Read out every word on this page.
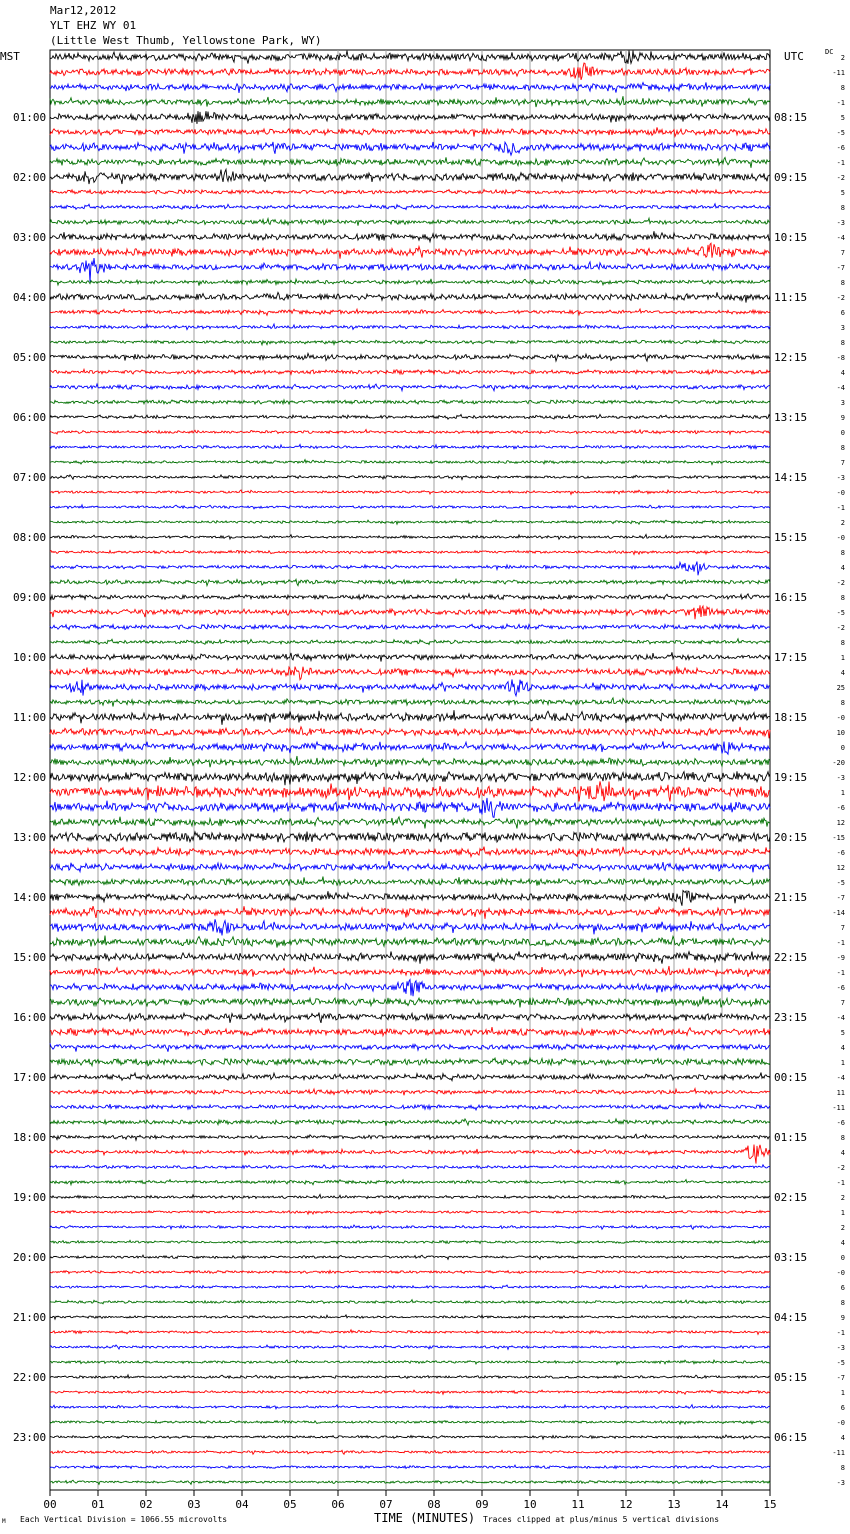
Mar12,2012
YLT EHZ WY 01
(Little West Thumb, Yellowstone Park, WY)
MST	UTC	DC
01:00
02:00
03:00
04:00
05:00
06:00
07:00
08:00
09:00
10:00
11:00
12:00
13:00
14:00
15:00
16:00
17:00
18:00
19:00
20:00
21:00
22:00
23:00
08:15
09:15
10:15
11:15
12:15
13:15
14:15
15:15
16:15
17:15
18:15
19:15
20:15
21:15
22:15
23:15
00:15
01:15
02:15
03:15
04:15
05:15
06:15
2
-11
8
-1
5
-5
-6
-1
-2
5
8
-3
-4
7
-7
8
-2
6
3
8
-8
4
-4
3
9
0
8
7
-3
-0
-1
2
-0
8
4
-2
8
-5
-2
8
1
4
25
8
-0
10
0
-20
-3
1
-6
12
-15
-6
12
-5
-7
-14
7
-1
-9
-1
-6
7
-4
5
4
1
-4
11
-11
-6
8
4
-2
-1
2
1
2
4
0
-0
6
8
9
-1
-3
-5
-7
1
6
-0
4
-11
8
-3
00	01	02	03	04	05	06	07	08	09	10	11	12	13	14	15
Μ Each Vertical Division = 1066.55 microvolts	TIME (MINUTES) Traces clipped at plus/minus 5 vertical divisions
